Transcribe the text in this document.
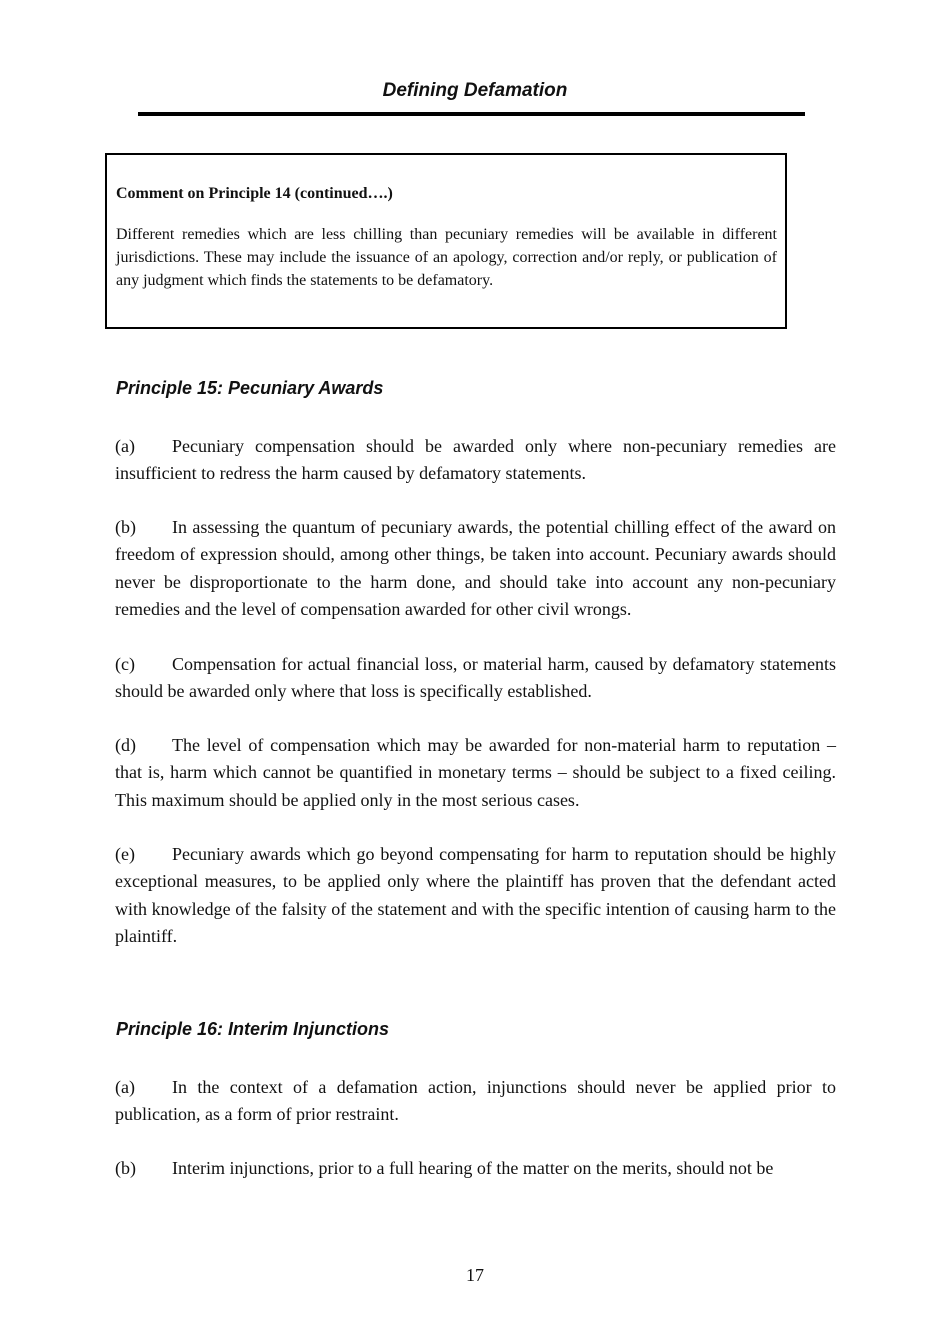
Defining Defamation

Comment on Principle 14 (continued….)

Different remedies which are less chilling than pecuniary remedies will be available in different jurisdictions. These may include the issuance of an apology, correction and/or reply, or publication of any judgment which finds the statements to be defamatory.

Principle 15: Pecuniary Awards

(a) Pecuniary compensation should be awarded only where non-pecuniary remedies are insufficient to redress the harm caused by defamatory statements.

(b) In assessing the quantum of pecuniary awards, the potential chilling effect of the award on freedom of expression should, among other things, be taken into account. Pecuniary awards should never be disproportionate to the harm done, and should take into account any non-pecuniary remedies and the level of compensation awarded for other civil wrongs.

(c) Compensation for actual financial loss, or material harm, caused by defamatory statements should be awarded only where that loss is specifically established.

(d) The level of compensation which may be awarded for non-material harm to reputation – that is, harm which cannot be quantified in monetary terms – should be subject to a fixed ceiling. This maximum should be applied only in the most serious cases.

(e) Pecuniary awards which go beyond compensating for harm to reputation should be highly exceptional measures, to be applied only where the plaintiff has proven that the defendant acted with knowledge of the falsity of the statement and with the specific intention of causing harm to the plaintiff.

Principle 16: Interim Injunctions

(a) In the context of a defamation action, injunctions should never be applied prior to publication, as a form of prior restraint.

(b) Interim injunctions, prior to a full hearing of the matter on the merits, should not be

17
